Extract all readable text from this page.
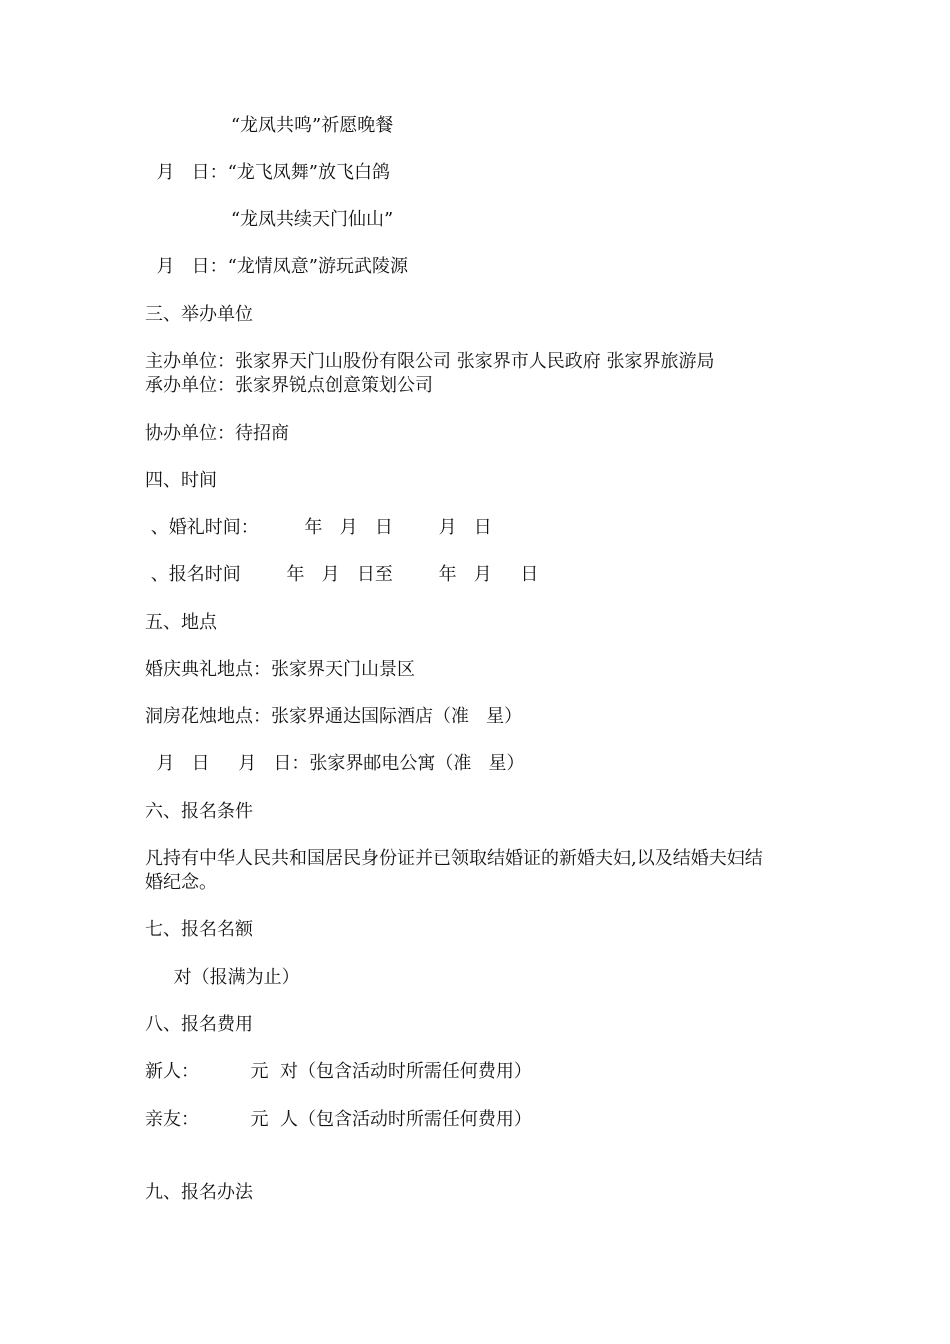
“龙凤共鸣”祈愿晚餐
月   日：“龙飞凤舞”放飞白鸽
“龙凤共续天门仙山”
月   日：“龙情凤意”游玩武陵源
三、举办单位
主办单位：张家界天门山股份有限公司 张家界市人民政府 张家界旅游局
承办单位：张家界锐点创意策划公司
协办单位：待招商
四、时间
、婚礼时间：        年   月   日        月   日
、报名时间        年   月   日至        年   月     日
五、地点
婚庆典礼地点：张家界天门山景区
洞房花烛地点：张家界通达国际酒店（准   星）
月   日     月   日：张家界邮电公寓（准   星）
六、报名条件
凡持有中华人民共和国居民身份证并已领取结婚证的新婚夫妇,以及结婚夫妇结
婚纪念。
七、报名名额
对（报满为止）
八、报名费用
新人：         元  对（包含活动时所需任何费用）
亲友：         元  人（包含活动时所需任何费用）
九、报名办法
